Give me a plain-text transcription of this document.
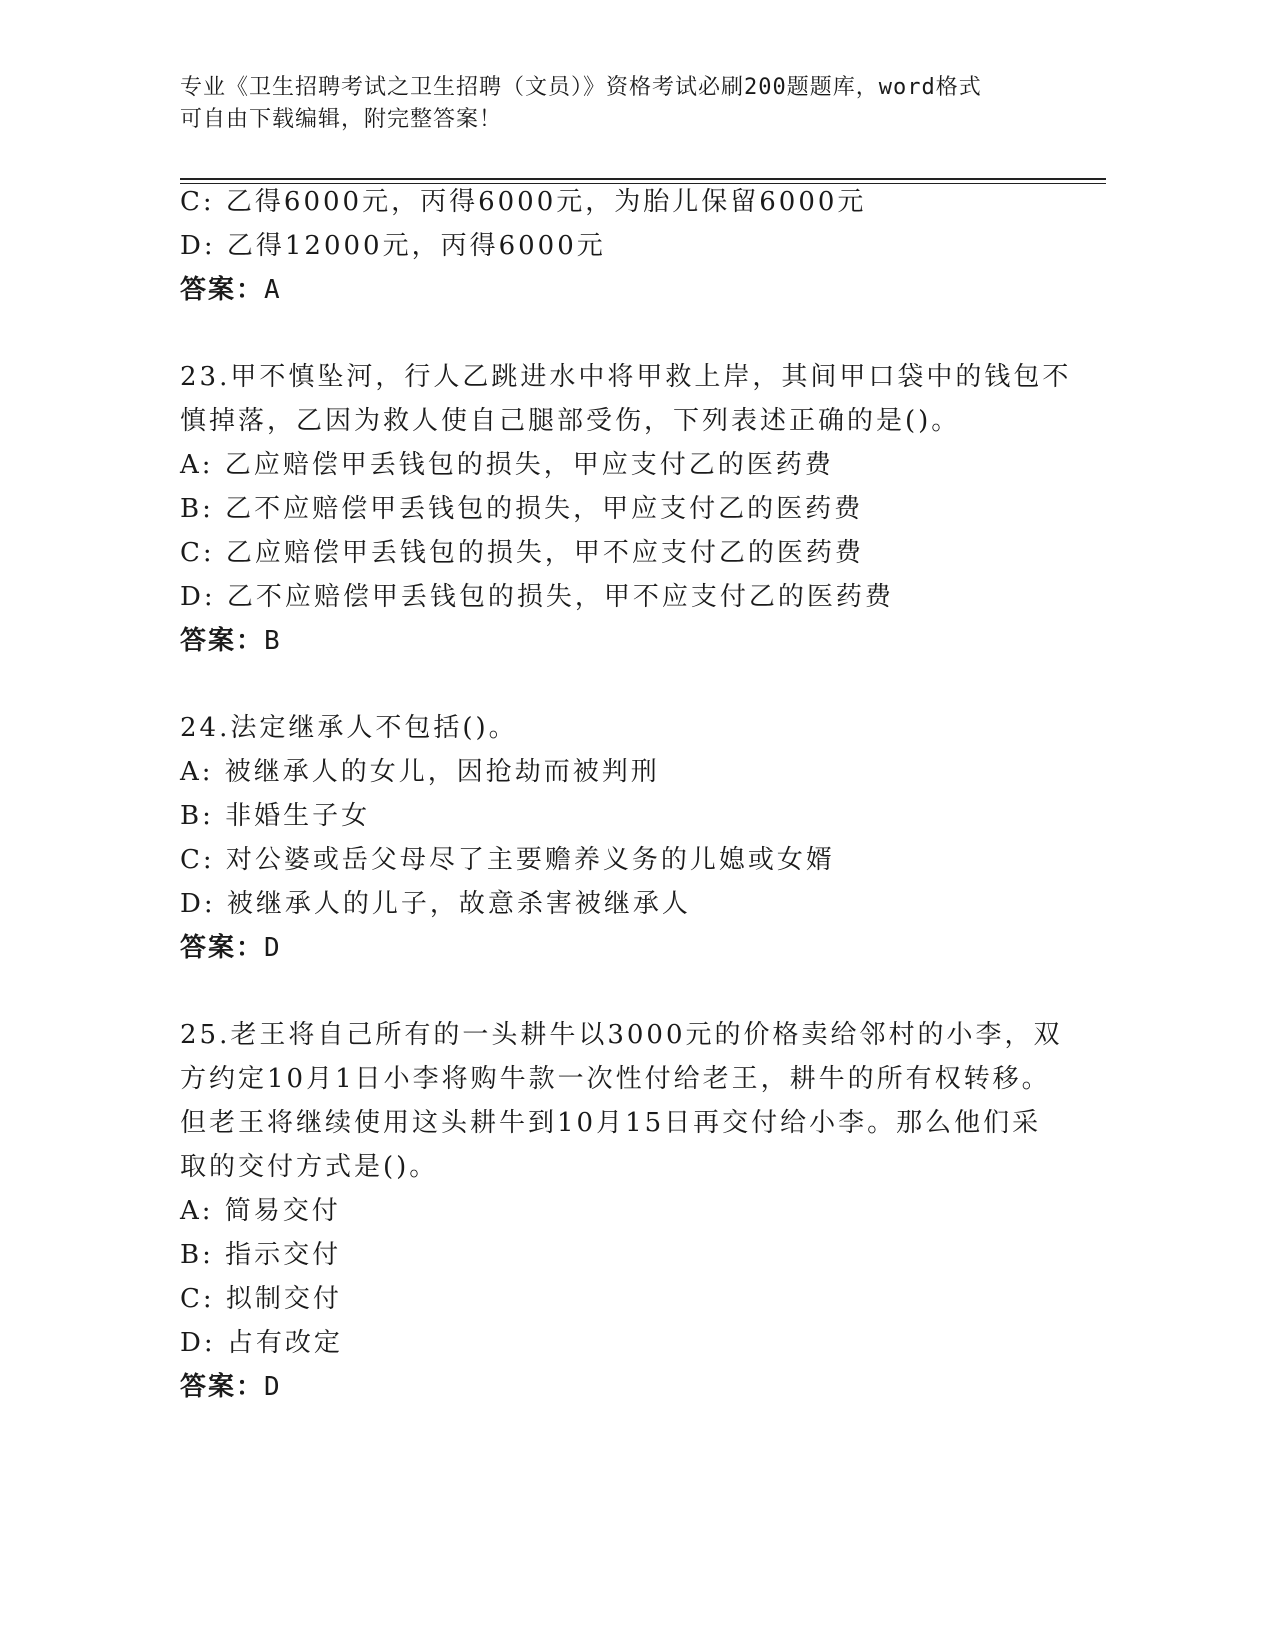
专业《卫生招聘考试之卫生招聘（文员）》资格考试必刷200题题库，word格式
可自由下载编辑，附完整答案！
C: 乙得6000元，丙得6000元，为胎儿保留6000元
D: 乙得12000元，丙得6000元
答案：A
23.甲不慎坠河，行人乙跳进水中将甲救上岸，其间甲口袋中的钱包不
慎掉落，乙因为救人使自己腿部受伤，下列表述正确的是()。
A: 乙应赔偿甲丢钱包的损失，甲应支付乙的医药费
B: 乙不应赔偿甲丢钱包的损失，甲应支付乙的医药费
C: 乙应赔偿甲丢钱包的损失，甲不应支付乙的医药费
D: 乙不应赔偿甲丢钱包的损失，甲不应支付乙的医药费
答案：B
24.法定继承人不包括()。
A: 被继承人的女儿，因抢劫而被判刑
B: 非婚生子女
C: 对公婆或岳父母尽了主要赡养义务的儿媳或女婿
D: 被继承人的儿子，故意杀害被继承人
答案：D
25.老王将自己所有的一头耕牛以3000元的价格卖给邻村的小李，双
方约定10月1日小李将购牛款一次性付给老王，耕牛的所有权转移。
但老王将继续使用这头耕牛到10月15日再交付给小李。那么他们采
取的交付方式是()。
A: 简易交付
B: 指示交付
C: 拟制交付
D: 占有改定
答案：D
